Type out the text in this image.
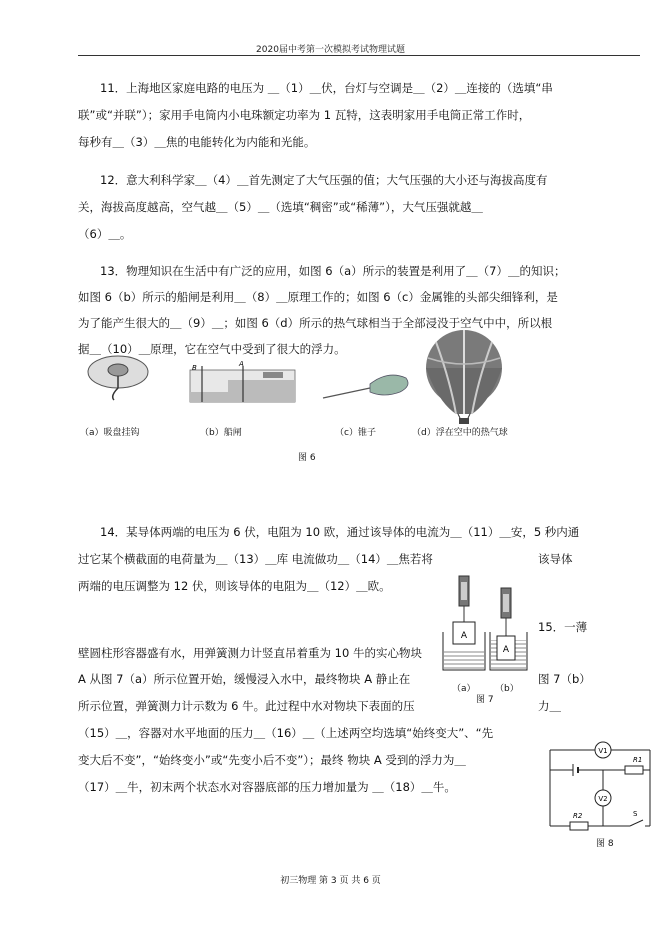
2020届中考第一次模拟考试物理试题
11．上海地区家庭电路的电压为 ＿（1）＿伏，台灯与空调是＿（2）＿连接的（选填“串
联”或“并联”）；家用手电筒内小电珠额定功率为 1 瓦特，这表明家用手电筒正常工作时，
每秒有＿（3）＿焦的电能转化为内能和光能。
12．意大利科学家＿（4）＿首先测定了大气压强的值；大气压强的大小还与海拔高度有
关，海拔高度越高，空气越＿（5）＿（选填“稠密”或“稀薄”），大气压强就越＿
（6）＿。
13．物理知识在生活中有广泛的应用，如图 6（a）所示的装置是利用了＿（7）＿的知识；
如图 6（b）所示的船闸是利用＿（8）＿原理工作的；如图 6（c）金属锥的头部尖细锋利，是
为了能产生很大的＿（9）＿；如图 6（d）所示的热气球相当于全部浸没于空气中中，所以根
据＿（10）＿原理，它在空气中受到了很大的浮力。
B	A
（a）吸盘挂钩	（b）船闸	（c）锥子	（d）浮在空中的热气球
图 6
14．某导体两端的电压为 6 伏，电阻为 10 欧，通过该导体的电流为＿（11）＿安，5 秒内通
过它某个横截面的电荷量为＿（13）＿库 电流做功＿（14）＿焦若将	该导体
两端的电压调整为 12 伏，则该导体的电阻为＿（12）＿欧。
15．一薄
壁圆柱形容器盛有水，用弹簧测力计竖直吊着重为 10 牛的实心物块
A 从图 7（a）所示位置开始，缓慢浸入水中，最终物块 A 静止在	图 7（b）
所示位置，弹簧测力计示数为 6 牛。此过程中水对物块下表面的压	力＿
（15）＿，容器对水平地面的压力＿（16）＿（上述两空均选填“始终变大”、“先
变大后不变”，“始终变小”或“先变小后不变”）；最终 物块 A 受到的浮力为＿
（17）＿牛，初末两个状态水对容器底部的压力增加量为 ＿（18）＿牛。
A
A
（a） （b）
图 7
V1
V2
R1
R2	S
图 8
初三物理 第 3 页 共 6 页
